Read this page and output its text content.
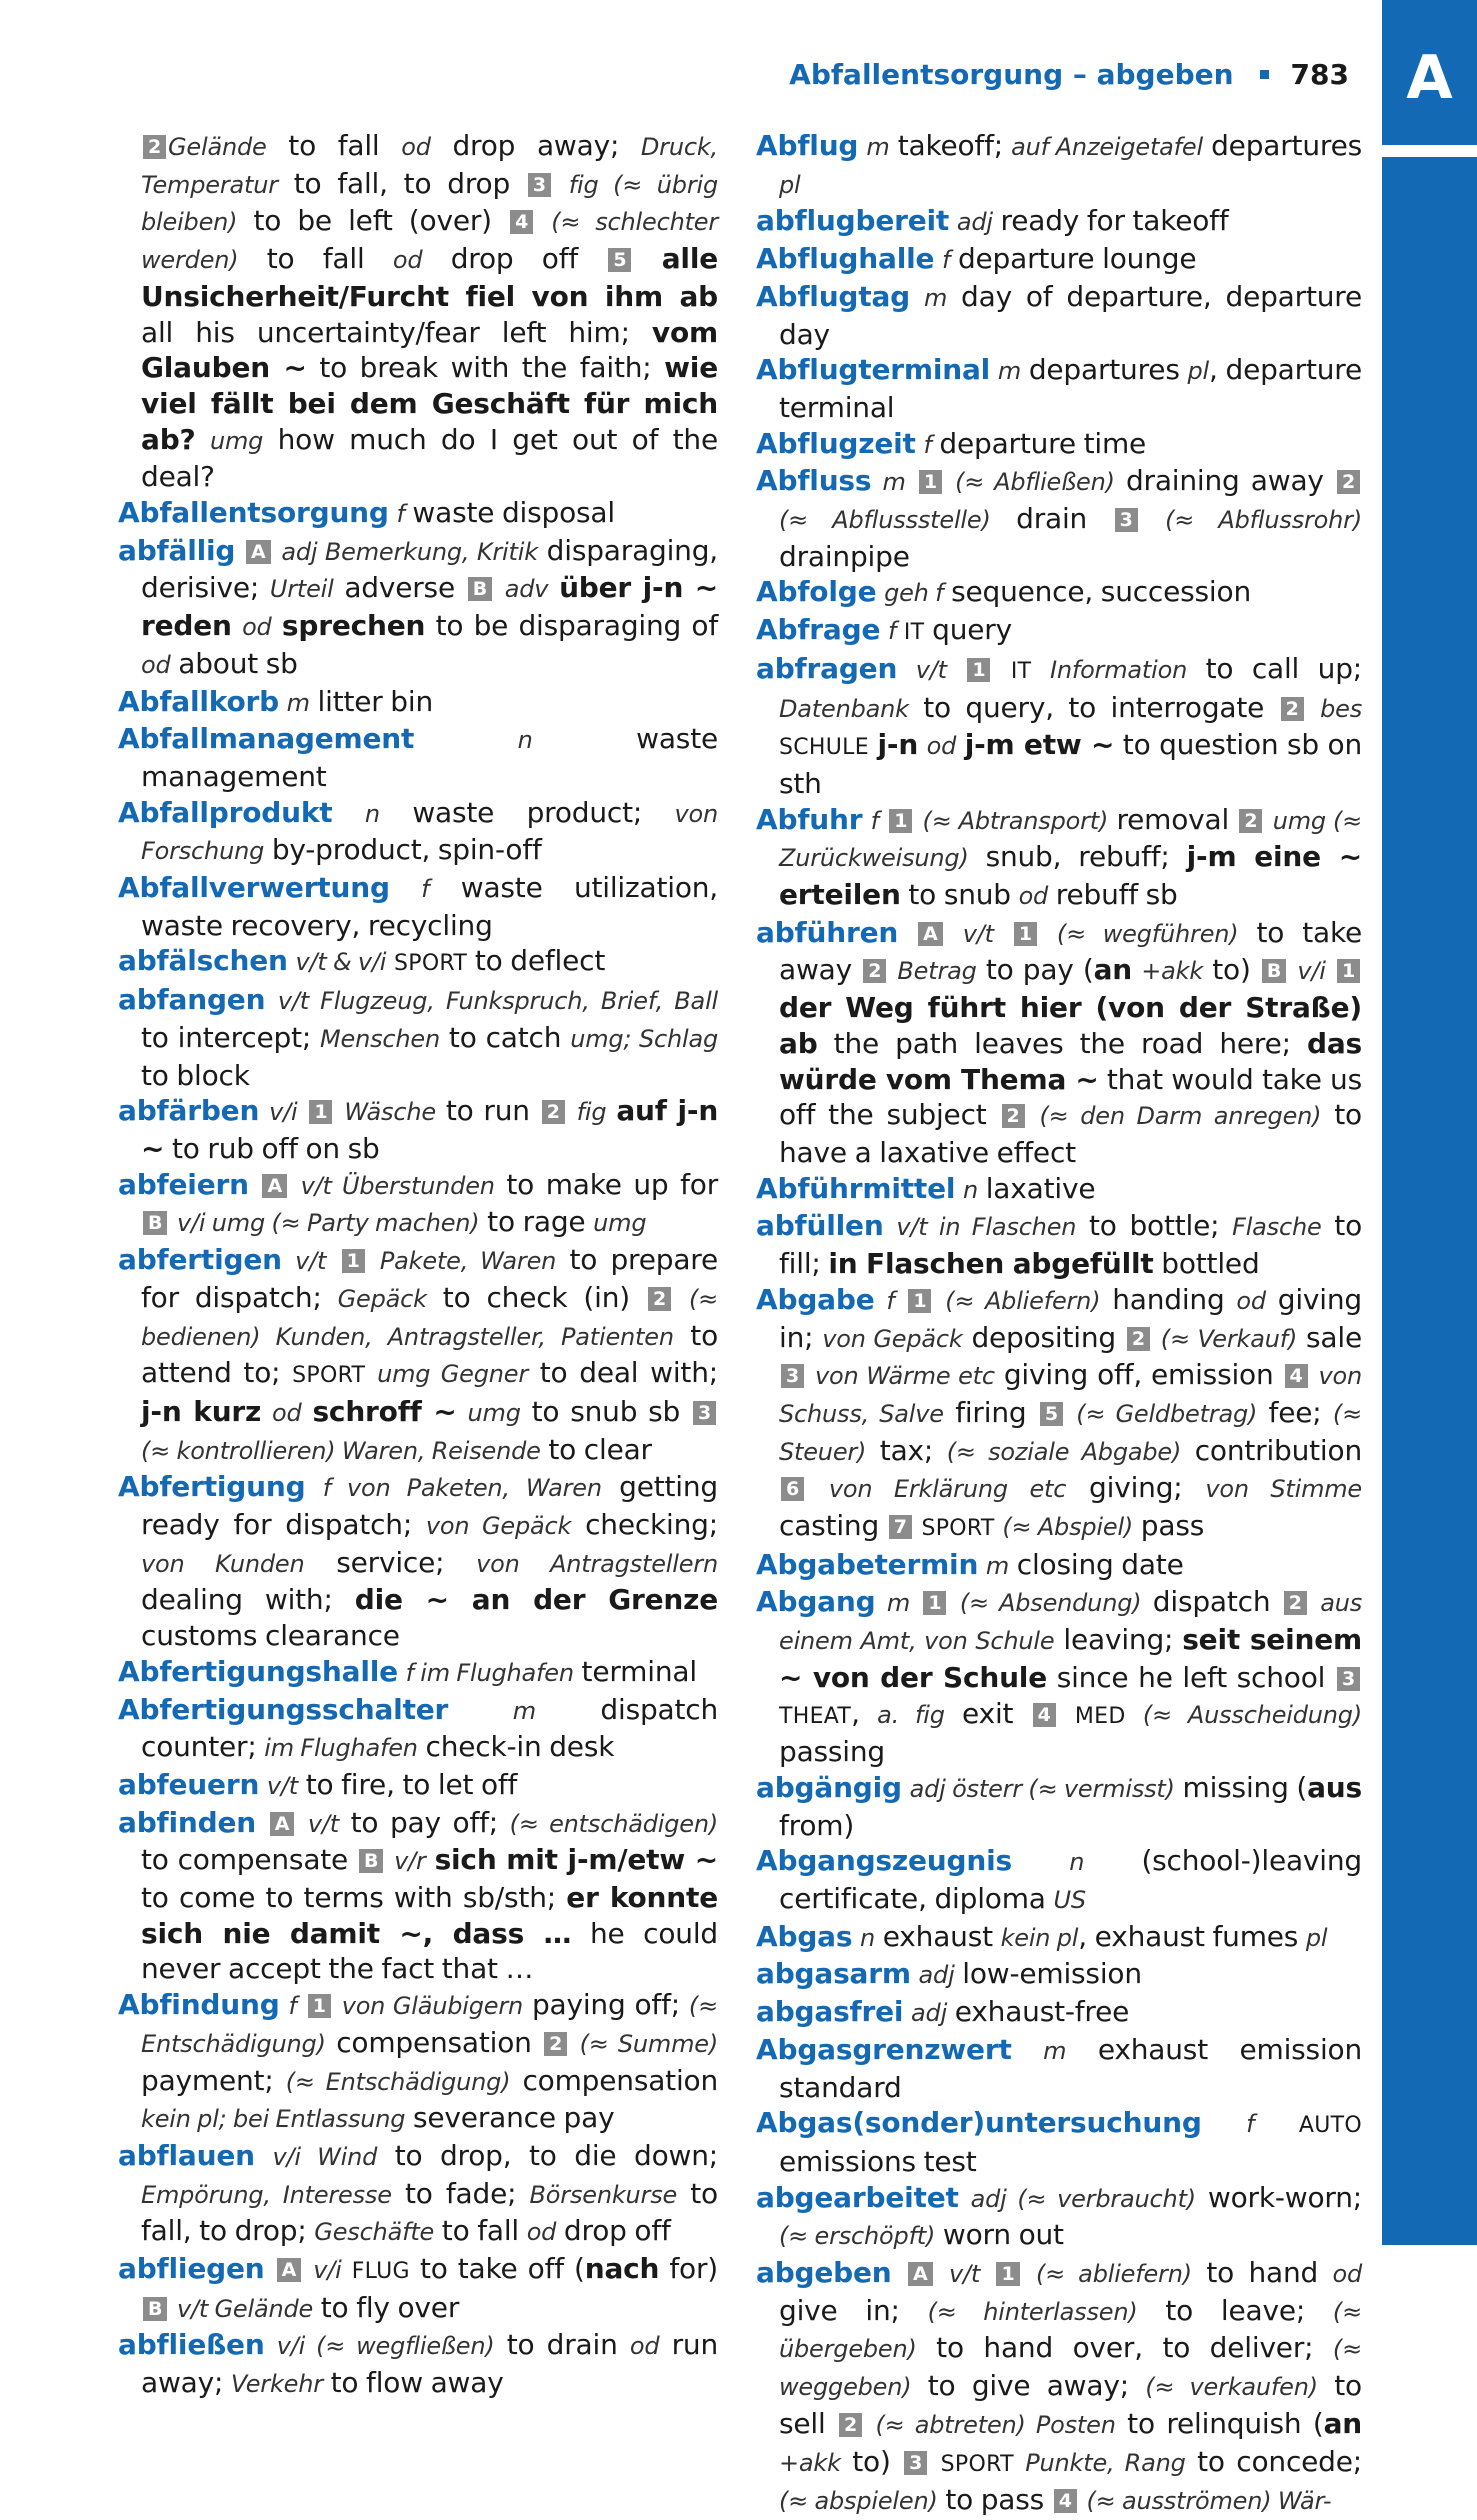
A
Abfallentsorgung – abgeben 783
2 Gelände to fall od drop away; Druck, Temperatur to fall, to drop 3 fig (≈ übrig bleiben) to be left (over) 4 (≈ schlechter werden) to fall od drop off 5 alle Unsicherheit/Furcht fiel von ihm ab all his uncertainty/fear left him; vom Glauben ~ to break with the faith; wie viel fällt bei dem Geschäft für mich ab? umg how much do I get out of the deal?
Abfallentsorgung f waste disposal
abfällig A adj Bemerkung, Kritik disparaging, derisive; Urteil adverse B adv über j-n ~ reden od sprechen to be disparaging of od about sb
Abfallkorb m litter bin
Abfallmanagement	n waste management
Abfallprodukt n waste product; von Forschung by-product, spin-off
Abfallverwertung f waste utilization, waste recovery, recycling
abfälschen v/t & v/i SPORT to deflect
abfangen v/t Flugzeug, Funkspruch, Brief, Ball to intercept; Menschen to catch umg; Schlag to block
abfärben v/i 1 Wäsche to run 2 fig auf j-n ~ to rub off on sb
abfeiern A v/t Überstunden to make up for B v/i umg (≈ Party machen) to rage umg
abfertigen v/t 1 Pakete, Waren to prepare for dispatch; Gepäck to check (in) 2 (≈ bedienen) Kunden, Antragsteller, Patienten to attend to; SPORT umg Gegner to deal with; j-n kurz od schroff ~ umg to snub sb 3 (≈ kontrollieren) Waren, Reisende to clear
Abfertigung f von Paketen, Waren getting ready for dispatch; von Gepäck checking; von Kunden service; von Antragstellern dealing with; die ~ an der Grenze customs clearance
Abfertigungshalle f im Flughafen terminal
Abfertigungsschalter	m dispatch counter; im Flughafen check-in desk
abfeuern v/t to fire, to let off
abfinden A v/t to pay off; (≈ entschädigen) to compensate B v/r sich mit j-m/etw ~ to come to terms with sb/sth; er konnte sich nie damit ~, dass … he could never accept the fact that …
Abfindung f 1 von Gläubigern paying off; (≈ Entschädigung) compensation 2 (≈ Summe) payment; (≈ Entschädigung) compensation kein pl; bei Entlassung severance pay
abflauen v/i Wind to drop, to die down; Empörung, Interesse to fade; Börsenkurse to fall, to drop; Geschäfte to fall od drop off
abfliegen A v/i FLUG to take off (nach for) B v/t Gelände to fly over
abfließen v/i (≈ wegfließen) to drain od run away; Verkehr to flow away
Abflug m takeoff; auf Anzeigetafel departures pl
abflugbereit adj ready for takeoff
Abflughalle f departure lounge
Abflugtag m day of departure, departure day
Abflugterminal m departures pl, departure terminal
Abflugzeit f departure time
Abfluss m 1 (≈ Abfließen) draining away 2 (≈ Abflussstelle) drain 3 (≈ Abflussrohr) drainpipe
Abfolge geh f sequence, succession
Abfrage f IT query
abfragen v/t 1 IT Information to call up; Datenbank to query, to interrogate 2 bes SCHULE j-n od j-m etw ~ to question sb on sth
Abfuhr f 1 (≈ Abtransport) removal 2 umg (≈ Zurückweisung) snub, rebuff; j-m eine ~ erteilen to snub od rebuff sb
abführen A v/t 1 (≈ wegführen) to take away 2 Betrag to pay (an +akk to) B v/i 1 der Weg führt hier (von der Straße) ab the path leaves the road here; das würde vom Thema ~ that would take us off the subject 2 (≈ den Darm anregen) to have a laxative effect
Abführmittel n laxative
abfüllen v/t in Flaschen to bottle; Flasche to fill; in Flaschen abgefüllt bottled
Abgabe f 1 (≈ Abliefern) handing od giving in; von Gepäck depositing 2 (≈ Verkauf) sale 3 von Wärme etc giving off, emission 4 von Schuss, Salve firing 5 (≈ Geldbetrag) fee; (≈ Steuer) tax; (≈ soziale Abgabe) contribution 6 von Erklärung etc giving; von Stimme casting 7 SPORT (≈ Abspiel) pass
Abgabetermin m closing date
Abgang m 1 (≈ Absendung) dispatch 2 aus einem Amt, von Schule leaving; seit seinem ~ von der Schule since he left school 3 THEAT, a. fig exit 4 MED (≈ Ausscheidung) passing
abgängig adj österr (≈ vermisst) missing (aus from)
Abgangszeugnis n (school-)leaving certificate, diploma US
Abgas n exhaust kein pl, exhaust fumes pl
abgasarm adj low-emission
abgasfrei adj exhaust-free
Abgasgrenzwert m exhaust emission standard
Abgas(sonder)untersuchung f AUTO emissions test
abgearbeitet adj (≈ verbraucht) work-worn; (≈ erschöpft) worn out
abgeben A v/t 1 (≈ abliefern) to hand od give in; (≈ hinterlassen) to leave; (≈ übergeben) to hand over, to deliver; (≈ weggeben) to give away; (≈ verkaufen) to sell 2 (≈ abtreten) Posten to relinquish (an +akk to) 3 SPORT Punkte, Rang to concede; (≈ abspielen) to pass 4 (≈ ausströmen) Wär-
